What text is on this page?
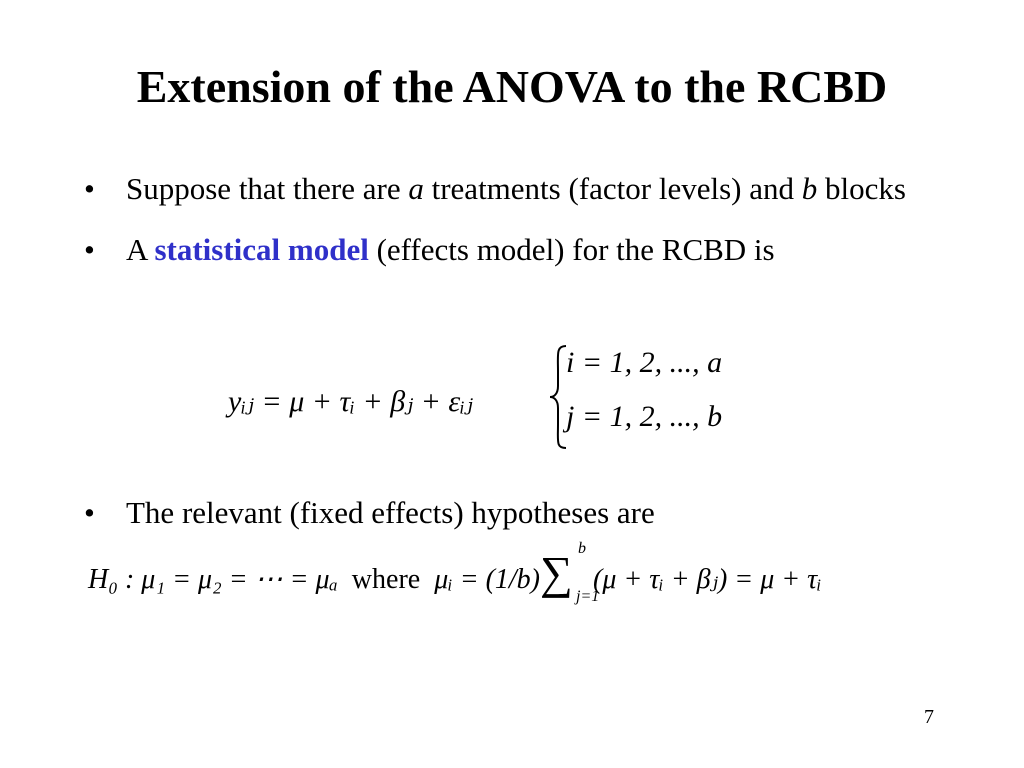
Extension of the ANOVA to the RCBD
•	Suppose that there are a treatments (factor levels) and b blocks
•	A statistical model (effects model) for the RCBD is
yᵢⱼ = μ + τᵢ + βⱼ + εᵢⱼ
i = 1, 2, ..., a
j = 1, 2, ..., b
•	The relevant (fixed effects) hypotheses are
H₀ : μ₁ = μ₂ = ⋯ = μₐ where μᵢ = (1/b) ∑ b
j=1
(μ + τᵢ + βⱼ) = μ + τᵢ
7
